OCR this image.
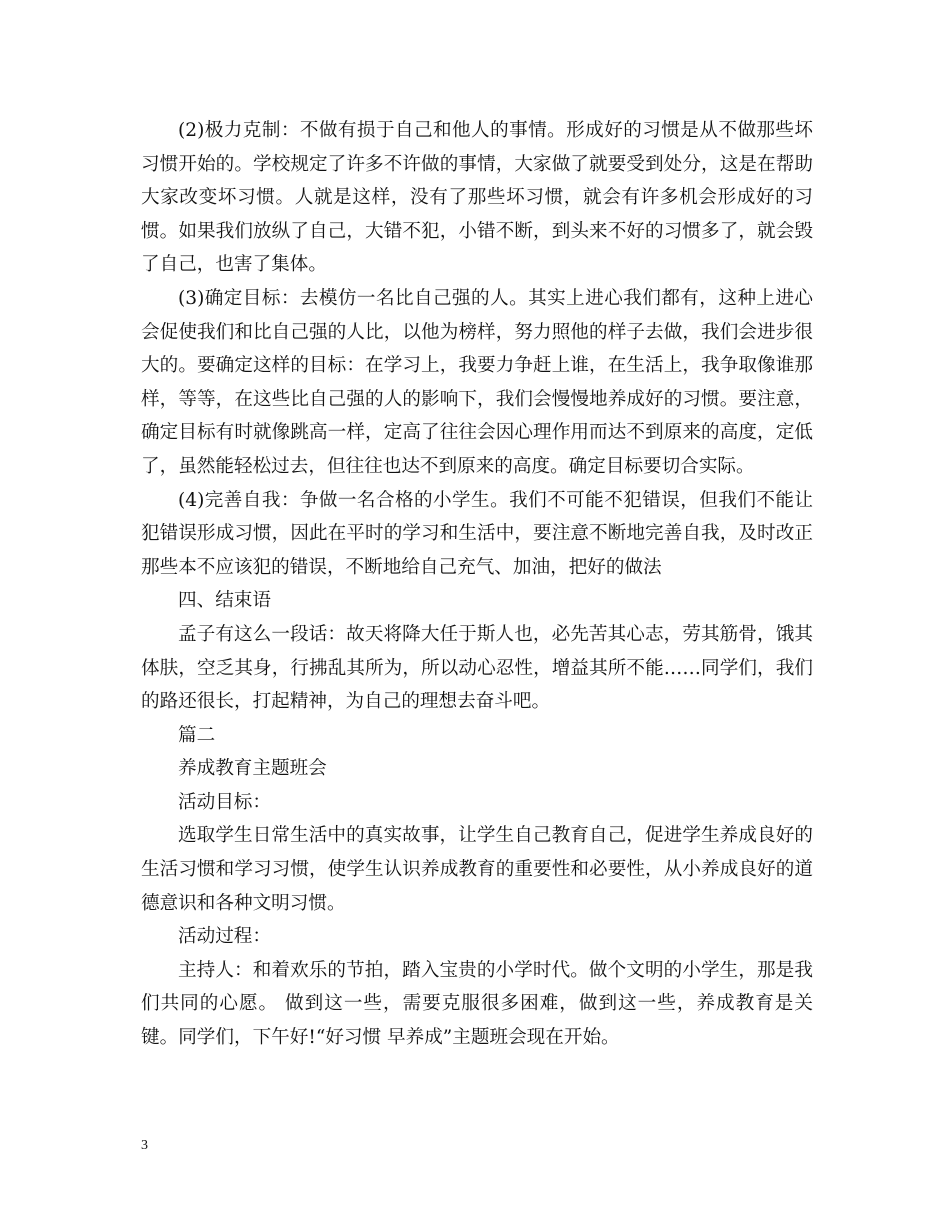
(2)极力克制：不做有损于自己和他人的事情。形成好的习惯是从不做那些坏习惯开始的。学校规定了许多不许做的事情，大家做了就要受到处分，这是在帮助大家改变坏习惯。人就是这样，没有了那些坏习惯，就会有许多机会形成好的习惯。如果我们放纵了自己，大错不犯，小错不断，到头来不好的习惯多了，就会毁了自己，也害了集体。

(3)确定目标：去模仿一名比自己强的人。其实上进心我们都有，这种上进心会促使我们和比自己强的人比，以他为榜样，努力照他的样子去做，我们会进步很大的。要确定这样的目标：在学习上，我要力争赶上谁，在生活上，我争取像谁那样，等等，在这些比自己强的人的影响下，我们会慢慢地养成好的习惯。要注意，确定目标有时就像跳高一样，定高了往往会因心理作用而达不到原来的高度，定低了，虽然能轻松过去，但往往也达不到原来的高度。确定目标要切合实际。

(4)完善自我：争做一名合格的小学生。我们不可能不犯错误，但我们不能让犯错误形成习惯，因此在平时的学习和生活中，要注意不断地完善自我，及时改正那些本不应该犯的错误，不断地给自己充气、加油，把好的做法

四、结束语

孟子有这么一段话：故天将降大任于斯人也，必先苦其心志，劳其筋骨，饿其体肤，空乏其身，行拂乱其所为，所以动心忍性，增益其所不能……同学们，我们的路还很长，打起精神，为自己的理想去奋斗吧。

篇二

养成教育主题班会

活动目标：

选取学生日常生活中的真实故事，让学生自己教育自己，促进学生养成良好的生活习惯和学习习惯，使学生认识养成教育的重要性和必要性，从小养成良好的道德意识和各种文明习惯。

活动过程：

主持人：和着欢乐的节拍，踏入宝贵的小学时代。做个文明的小学生，那是我们共同的心愿。 做到这一些，需要克服很多困难，做到这一些，养成教育是关键。同学们，下午好!“好习惯 早养成”主题班会现在开始。

3
